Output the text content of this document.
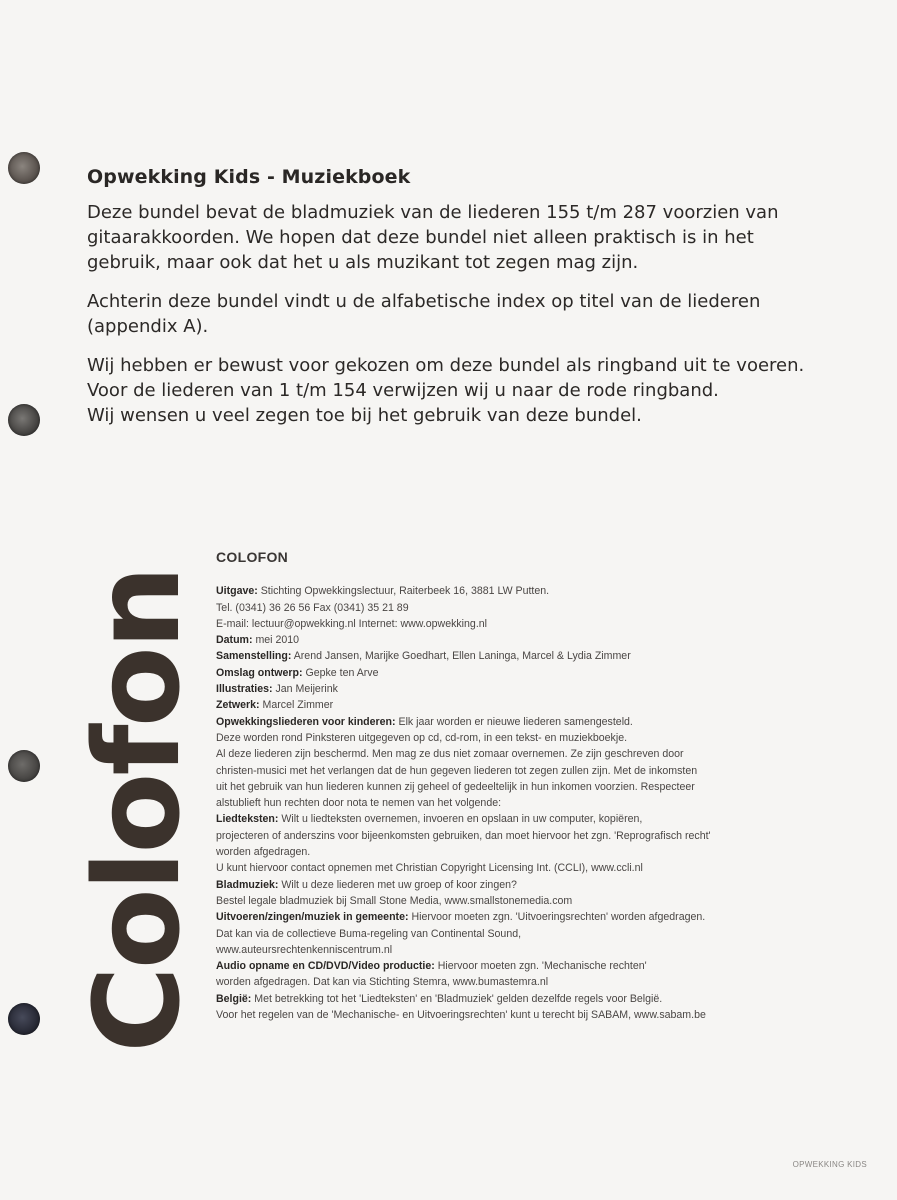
Opwekking Kids - Muziekboek

Deze bundel bevat de bladmuziek van de liederen 155 t/m 287 voorzien van
gitaarakkoorden. We hopen dat deze bundel niet alleen praktisch is in het
gebruik, maar ook dat het u als muzikant tot zegen mag zijn.

Achterin deze bundel vindt u de alfabetische index op titel van de liederen
(appendix A).

Wij hebben er bewust voor gekozen om deze bundel als ringband uit te voeren.
Voor de liederen van 1 t/m 154 verwijzen wij u naar de rode ringband.
Wij wensen u veel zegen toe bij het gebruik van deze bundel.

Colofon
COLOFON
Uitgave: Stichting Opwekkingslectuur, Raiterbeek 16, 3881 LW Putten.
Tel. (0341) 36 26 56 Fax (0341) 35 21 89
E-mail: lectuur@opwekking.nl Internet: www.opwekking.nl
Datum: mei 2010
Samenstelling: Arend Jansen, Marijke Goedhart, Ellen Laninga, Marcel & Lydia Zimmer
Omslag ontwerp: Gepke ten Arve
Illustraties: Jan Meijerink
Zetwerk: Marcel Zimmer
Opwekkingsliederen voor kinderen: Elk jaar worden er nieuwe liederen samengesteld.
Deze worden rond Pinksteren uitgegeven op cd, cd-rom, in een tekst- en muziekboekje.
Al deze liederen zijn beschermd. Men mag ze dus niet zomaar overnemen. Ze zijn geschreven door
christen-musici met het verlangen dat de hun gegeven liederen tot zegen zullen zijn. Met de inkomsten
uit het gebruik van hun liederen kunnen zij geheel of gedeeltelijk in hun inkomen voorzien. Respecteer
alstublieft hun rechten door nota te nemen van het volgende:
Liedteksten: Wilt u liedteksten overnemen, invoeren en opslaan in uw computer, kopiëren,
projecteren of anderszins voor bijeenkomsten gebruiken, dan moet hiervoor het zgn. 'Reprografisch recht'
worden afgedragen.
U kunt hiervoor contact opnemen met Christian Copyright Licensing Int. (CCLI), www.ccli.nl
Bladmuziek: Wilt u deze liederen met uw groep of koor zingen?
Bestel legale bladmuziek bij Small Stone Media, www.smallstonemedia.com
Uitvoeren/zingen/muziek in gemeente: Hiervoor moeten zgn. 'Uitvoeringsrechten' worden afgedragen.
Dat kan via de collectieve Buma-regeling van Continental Sound,
www.auteursrechtenkenniscentrum.nl
Audio opname en CD/DVD/Video productie: Hiervoor moeten zgn. 'Mechanische rechten'
worden afgedragen. Dat kan via Stichting Stemra, www.bumastemra.nl
België: Met betrekking tot het 'Liedteksten' en 'Bladmuziek' gelden dezelfde regels voor België.
Voor het regelen van de 'Mechanische- en Uitvoeringsrechten' kunt u terecht bij SABAM, www.sabam.be
OPWEKKING KIDS
